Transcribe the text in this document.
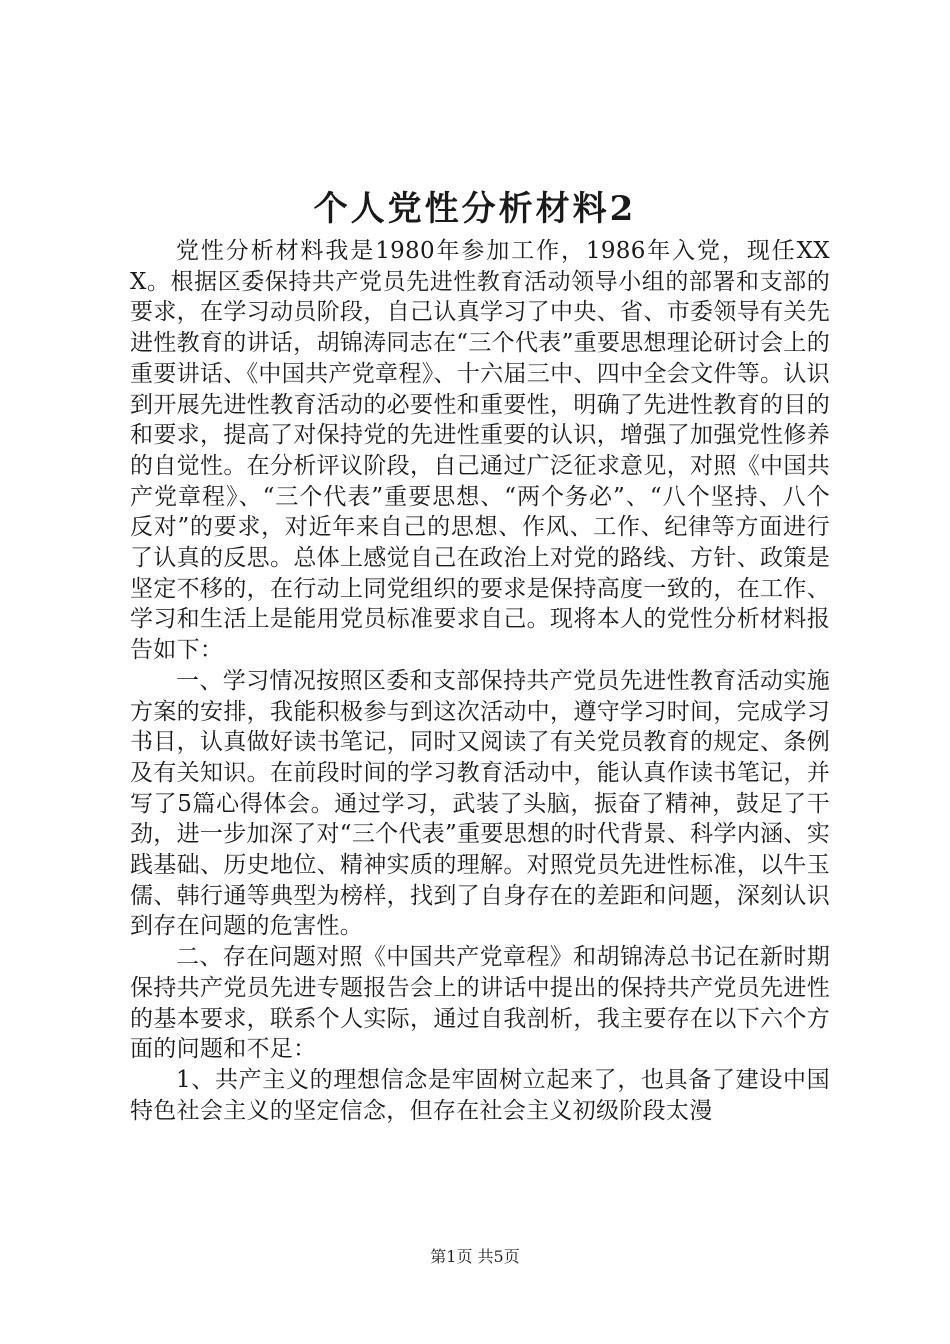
个人党性分析材料2

党性分析材料我是1980年参加工作，1986年入党，现任XXX。根据区委保持共产党员先进性教育活动领导小组的部署和支部的要求，在学习动员阶段，自己认真学习了中央、省、市委领导有关先进性教育的讲话，胡锦涛同志在“三个代表”重要思想理论研讨会上的重要讲话、《中国共产党章程》、十六届三中、四中全会文件等。认识到开展先进性教育活动的必要性和重要性，明确了先进性教育的目的和要求，提高了对保持党的先进性重要的认识，增强了加强党性修养的自觉性。在分析评议阶段，自己通过广泛征求意见，对照《中国共产党章程》、“三个代表”重要思想、“两个务必”、“八个坚持、八个反对”的要求，对近年来自己的思想、作风、工作、纪律等方面进行了认真的反思。总体上感觉自己在政治上对党的路线、方针、政策是坚定不移的，在行动上同党组织的要求是保持高度一致的，在工作、学习和生活上是能用党员标准要求自己。现将本人的党性分析材料报告如下：

一、学习情况按照区委和支部保持共产党员先进性教育活动实施方案的安排，我能积极参与到这次活动中，遵守学习时间，完成学习书目，认真做好读书笔记，同时又阅读了有关党员教育的规定、条例及有关知识。在前段时间的学习教育活动中，能认真作读书笔记，并写了5篇心得体会。通过学习，武装了头脑，振奋了精神，鼓足了干劲，进一步加深了对“三个代表”重要思想的时代背景、科学内涵、实践基础、历史地位、精神实质的理解。对照党员先进性标准，以牛玉儒、韩行通等典型为榜样，找到了自身存在的差距和问题，深刻认识到存在问题的危害性。

二、存在问题对照《中国共产党章程》和胡锦涛总书记在新时期保持共产党员先进专题报告会上的讲话中提出的保持共产党员先进性的基本要求，联系个人实际，通过自我剖析，我主要存在以下六个方面的问题和不足：

1、共产主义的理想信念是牢固树立起来了，也具备了建设中国特色社会主义的坚定信念，但存在社会主义初级阶段太漫

第1页 共5页
